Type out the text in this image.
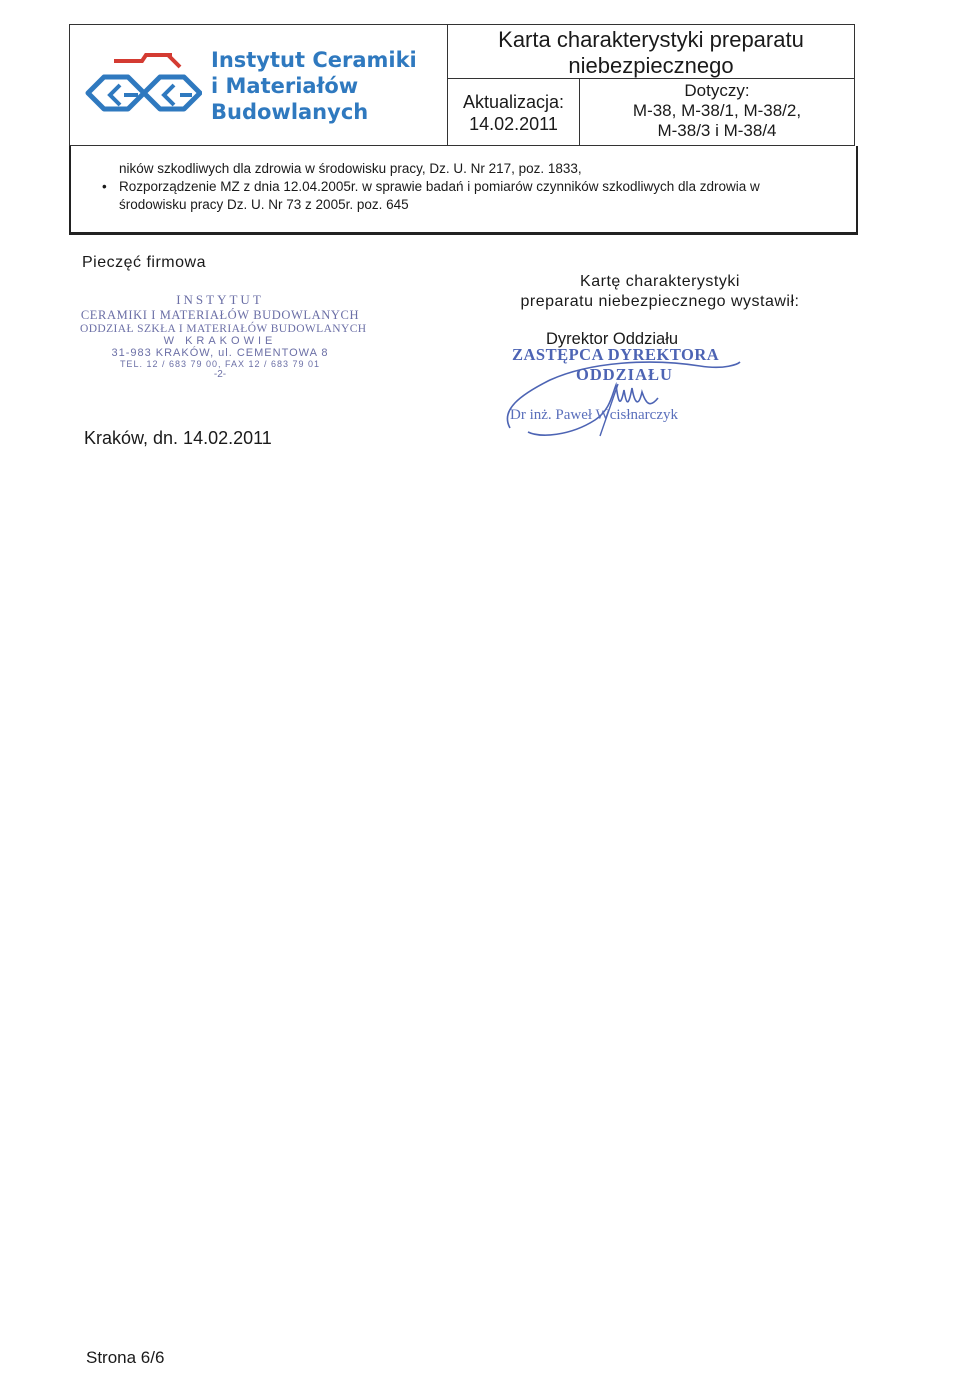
Instytut Ceramiki
i Materiałów
Budowlanych
Karta charakterystyki preparatu
niebezpiecznego
Aktualizacja:
14.02.2011
Dotyczy:
M-38, M-38/1, M-38/2,
M-38/3 i M-38/4
ników szkodliwych dla zdrowia w środowisku pracy, Dz. U. Nr 217, poz. 1833,
• Rozporządzenie MZ z dnia 12.04.2005r. w sprawie badań i pomiarów czynników szkodliwych dla zdrowia w
środowisku pracy Dz. U. Nr 73 z 2005r. poz. 645
Pieczęć firmowa
INSTYTUT
CERAMIKI I MATERIAŁÓW BUDOWLANYCH
ODDZIAŁ SZKŁA I MATERIAŁÓW BUDOWLANYCH
W KRAKOWIE
31-983 KRAKÓW, ul. CEMENTOWA 8
TEL. 12 / 683 79 00, FAX 12 / 683 79 01
-2-
Kartę charakterystyki
preparatu niebezpiecznego wystawił:
Dyrektor Oddziału
ZASTĘPCA DYREKTORA
ODDZIAŁU
Dr inż. Paweł Wcisłnarczyk
Kraków, dn. 14.02.2011
Strona 6/6
